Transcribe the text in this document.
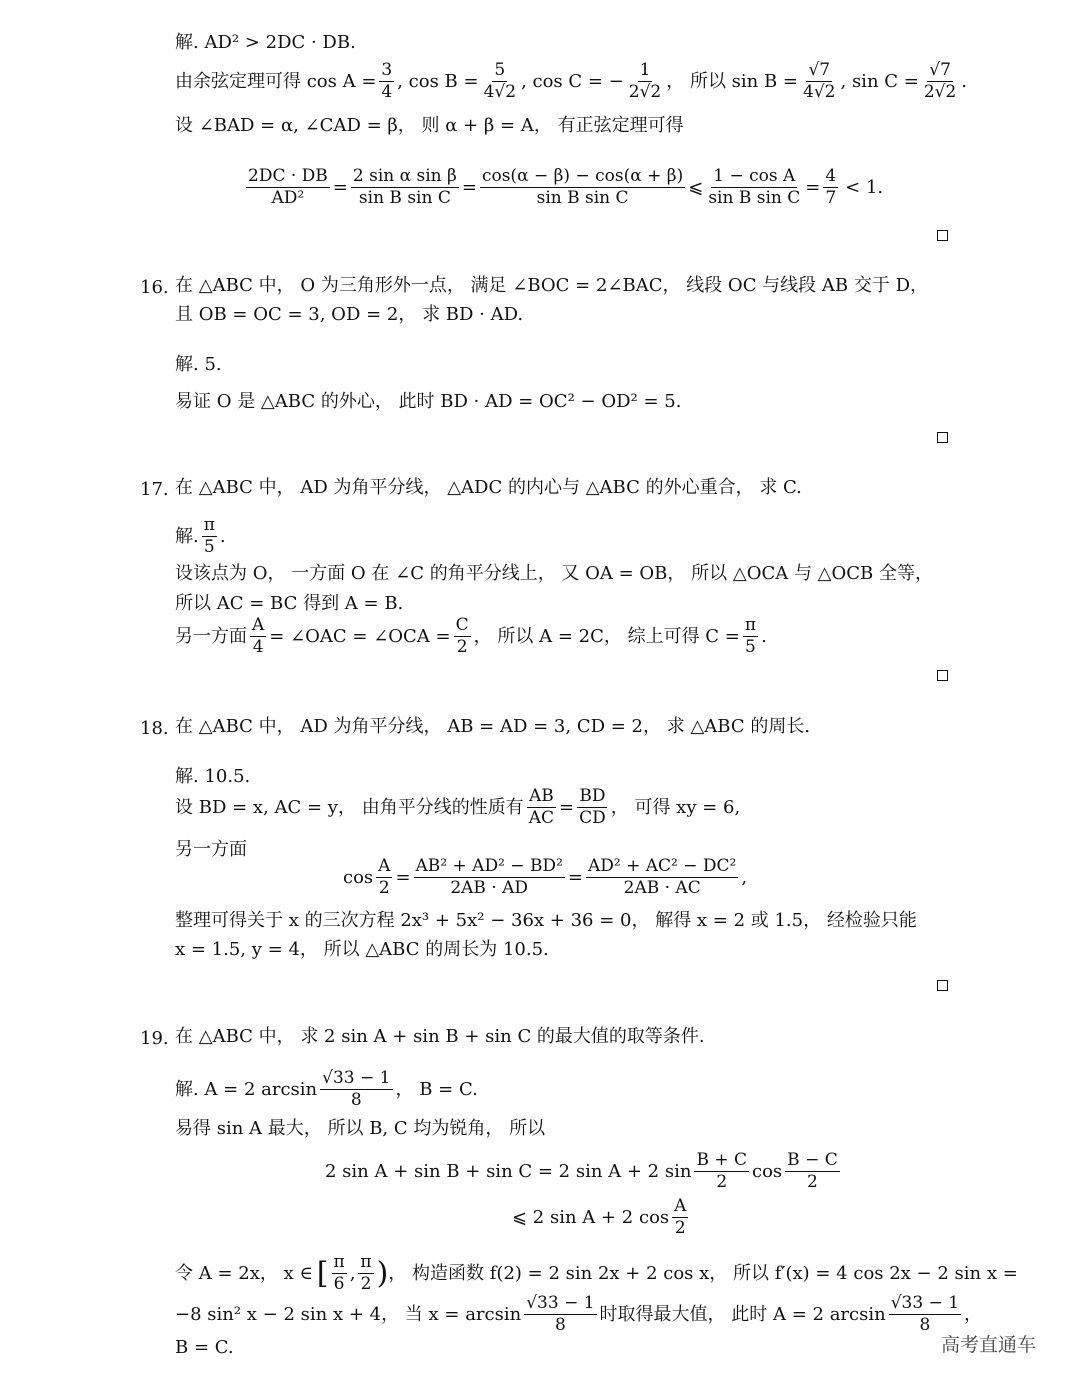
解. AD² > 2DC · DB.
由余弦定理可得 $\cos A = \frac{3}{4}$ , $\cos B = \frac{5}{4√2}$ , cos C = − $\frac{1}{2√2}$ ， 所以 $\sin B = \frac{√7}{4√2}$ , $\sin C = \frac{√7}{2√2}$ .
设 ∠BAD = α, ∠CAD = β， 则 α + β = A， 有正弦定理可得
$\frac{2DC \cdot DB}{\text{AD²}} = \frac{\text{2 sin α sin β}}{\text{sin B sin C}} = \frac{\cos(\alpha - \beta) - \cos(\alpha + \beta)}{\text{sin B sin C}}$ ⩽ $\frac{\text{1 − cos A}}{\text{sin B sin C}} = \frac{4}{7} < 1$.
16. 在 △ABC 中， O 为三角形外一点， 满足 ∠BOC = 2∠BAC， 线段 OC 与线段 AB 交于 D，
且 OB = OC = 3, OD = 2， 求 BD · AD.
解. 5.
易证 O 是 △ABC 的外心， 此时 BD · AD = OC² − OD² = 5.
17. 在 △ABC 中， AD 为角平分线， △ADC 的内心与 △ABC 的外心重合， 求 C.
解. $\frac{\pi}{5}$ .
设该点为 O， 一方面 O 在 ∠C 的角平分线上， 又 OA = OB， 所以 △OCA 与 △OCB 全等，
所以 AC = BC 得到 A = B.
另一方面 $\frac{A}{4}$ = ∠OAC = ∠OCA = $\frac{C}{2}$ ， 所以 A = 2C， 综上可得 $C = \frac{\pi}{5}$ .
18. 在 △ABC 中， AD 为角平分线， AB = AD = 3, CD = 2， 求 △ABC 的周长.
解. 10.5.
设 BD = x, AC = y， 由角平分线的性质有 $\frac{AB}{AC} = \frac{BD}{CD}$ ， 可得 xy = 6,
另一方面
$\cos \frac{A}{2} = \frac{\text{AB² + AD² − BD²}}{2AB \cdot AD} = \frac{\text{AD² + AC² − DC²}}{2AB \cdot AC}$ ,
整理可得关于 x 的三次方程 2x³ + 5x² − 36x + 36 = 0， 解得 x = 2 或 1.5， 经检验只能
x = 1.5, y = 4， 所以 △ABC 的周长为 10.5.
19. 在 △ABC 中， 求 2 sin A + sin B + sin C 的最大值的取等条件.
解. A = 2 $\arcsin \frac{√33 - 1}{8}$ ， B = C.
易得 sin A 最大， 所以 B, C 均为锐角， 所以
2 sin A + sin B + sin C = 2 sin A + 2 $\sin \frac{B + C}{2}$ $\cos \frac{B - C}{2}$
⩽ 2 sin A + 2 $\cos \frac{A}{2}$
令 A = 2x， x ∈ [ $\frac{\pi}{6}$ , $\frac{\pi}{2}$ ) ， 构造函数 f(2) = 2 sin 2x + 2 cos x， 所以 f′(x) = 4 cos 2x − 2 sin x =
−8 sin² x − 2 sin x + 4， 当 $x = \arcsin \frac{√33 - 1}{8}$ 时取得最大值， 此时 A = 2 $\arcsin \frac{√33 - 1}{8}$ ，
B = C.	高考直通车
